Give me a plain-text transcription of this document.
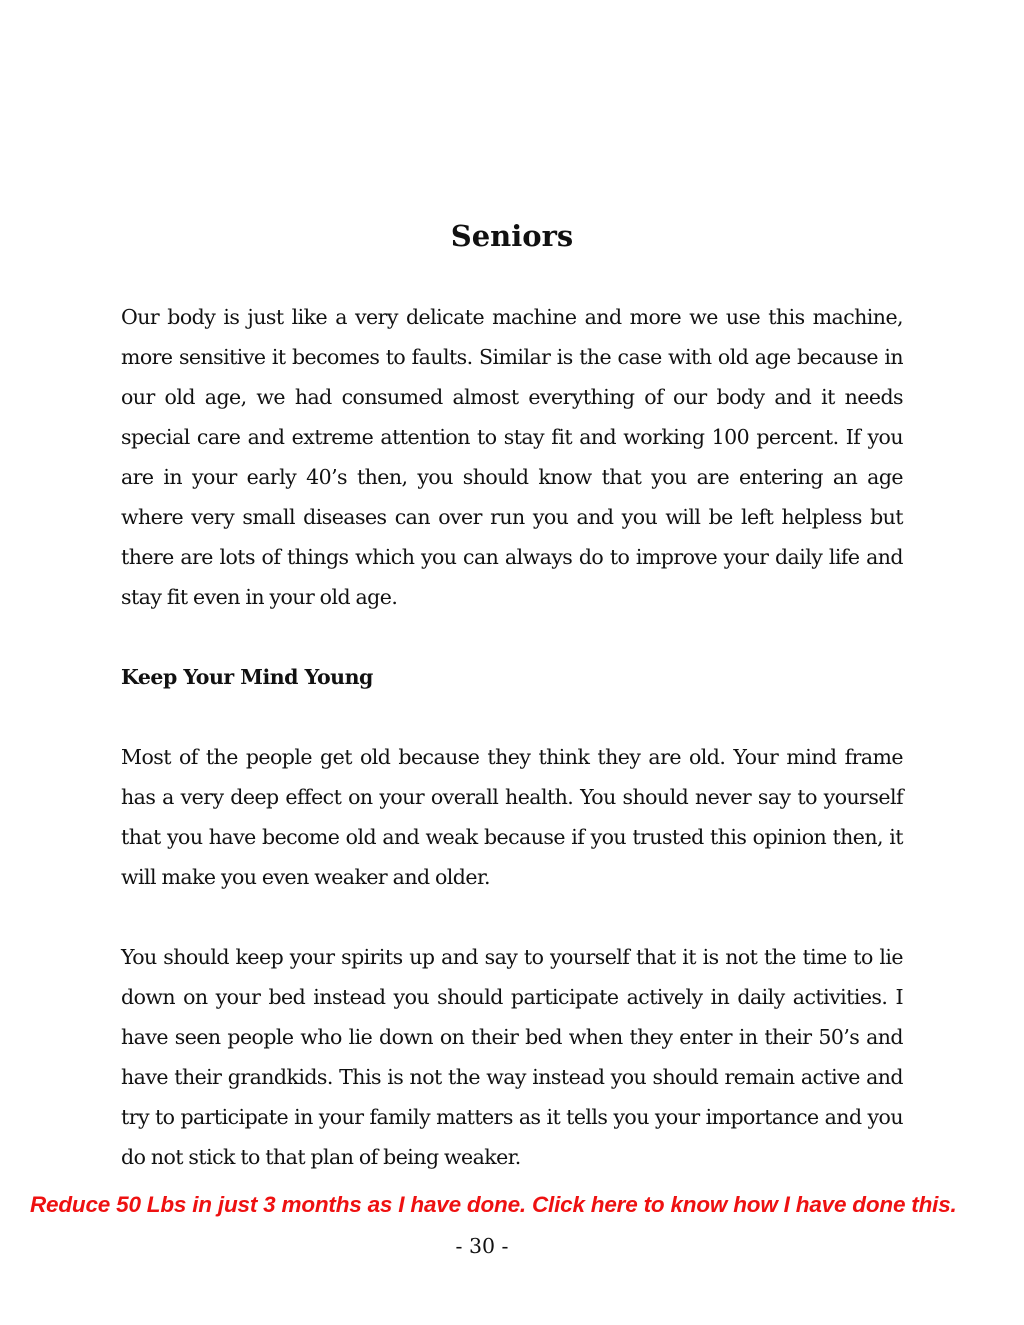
Seniors

Our body is just like a very delicate machine and more we use this machine, more sensitive it becomes to faults. Similar is the case with old age because in our old age, we had consumed almost everything of our body and it needs special care and extreme attention to stay fit and working 100 percent. If you are in your early 40’s then, you should know that you are entering an age where very small diseases can over run you and you will be left helpless but there are lots of things which you can always do to improve your daily life and stay fit even in your old age.

Keep Your Mind Young

Most of the people get old because they think they are old. Your mind frame has a very deep effect on your overall health. You should never say to yourself that you have become old and weak because if you trusted this opinion then, it will make you even weaker and older.

You should keep your spirits up and say to yourself that it is not the time to lie down on your bed instead you should participate actively in daily activities. I have seen people who lie down on their bed when they enter in their 50’s and have their grandkids. This is not the way instead you should remain active and try to participate in your family matters as it tells you your importance and you do not stick to that plan of being weaker.

Reduce 50 Lbs in just 3 months as I have done. Click here to know how I have done this.
- 30 -
